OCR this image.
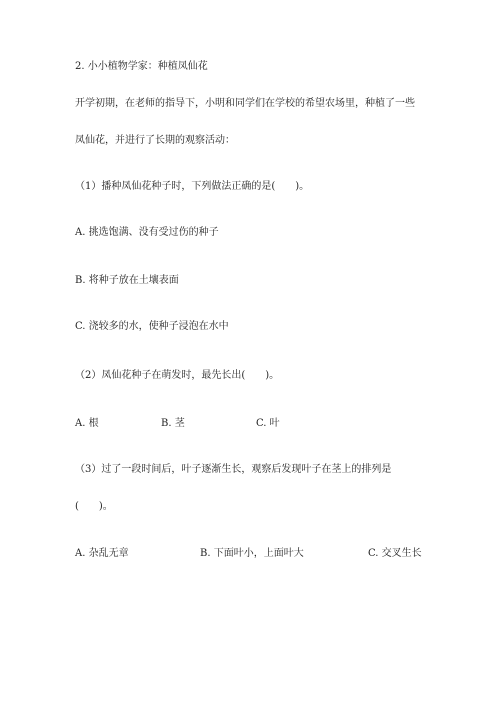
2. 小小植物学家：种植凤仙花
开学初期，在老师的指导下，小明和同学们在学校的希望农场里，种植了一些
凤仙花，并进行了长期的观察活动：
（1）播种凤仙花种子时，下列做法正确的是(　　)。
A. 挑选饱满、没有受过伤的种子
B. 将种子放在土壤表面
C. 浇较多的水，使种子浸泡在水中
（2）凤仙花种子在萌发时，最先长出(　　)。
A. 根	B. 茎	C. 叶
（3）过了一段时间后，叶子逐渐生长，观察后发现叶子在茎上的排列是
(　　)。
A. 杂乱无章	B. 下面叶小，上面叶大	C. 交叉生长
